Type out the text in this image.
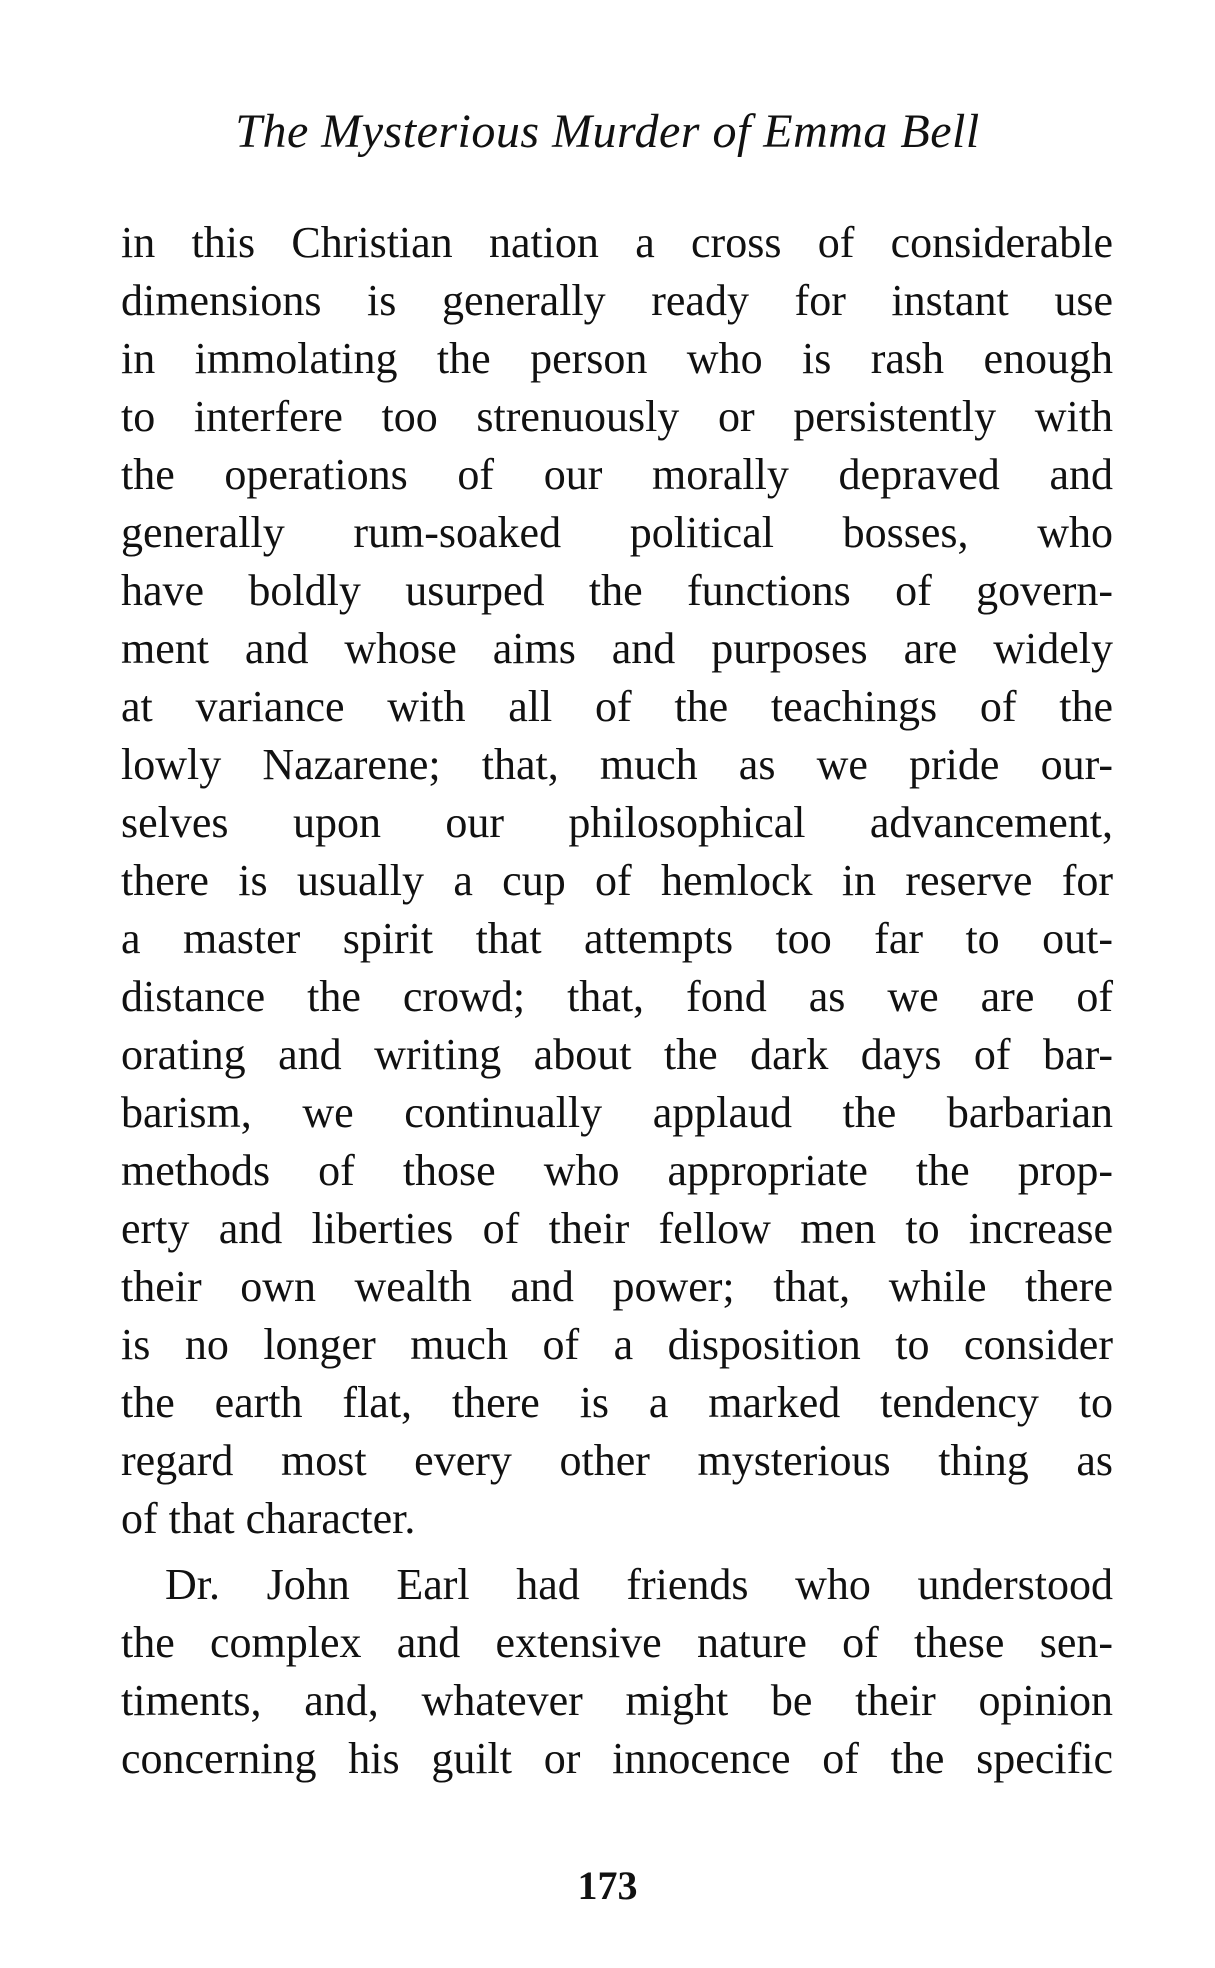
The Mysterious Murder of Emma Bell
in this Christian nation a cross of considerable
dimensions is generally ready for instant use
in immolating the person who is rash enough
to interfere too strenuously or persistently with
the operations of our morally depraved and
generally rum-soaked political bosses, who
have boldly usurped the functions of govern-
ment and whose aims and purposes are widely
at variance with all of the teachings of the
lowly Nazarene; that, much as we pride our-
selves upon our philosophical advancement,
there is usually a cup of hemlock in reserve for
a master spirit that attempts too far to out-
distance the crowd; that, fond as we are of
orating and writing about the dark days of bar-
barism, we continually applaud the barbarian
methods of those who appropriate the prop-
erty and liberties of their fellow men to increase
their own wealth and power; that, while there
is no longer much of a disposition to consider
the earth flat, there is a marked tendency to
regard most every other mysterious thing as
of that character.
Dr. John Earl had friends who understood
the complex and extensive nature of these sen-
timents, and, whatever might be their opinion
concerning his guilt or innocence of the specific
173
